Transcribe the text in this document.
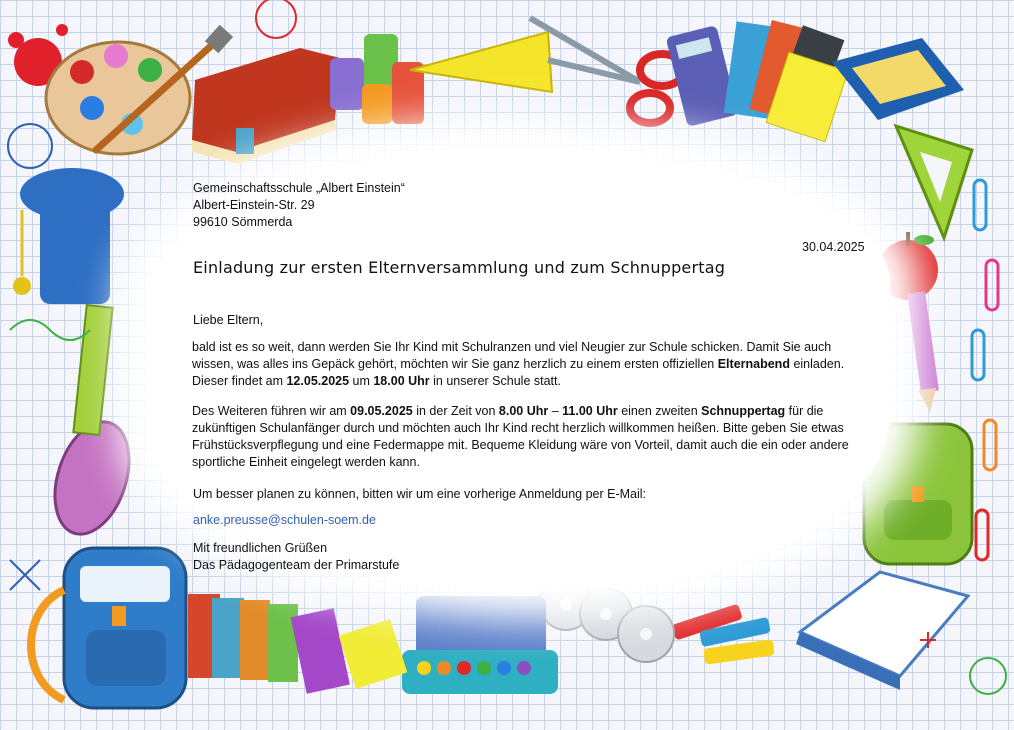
Gemeinschaftsschule „Albert Einstein“
Albert-Einstein-Str. 29
99610 Sömmerda
30.04.2025
Einladung zur ersten Elternversammlung und zum Schnuppertag
Liebe Eltern,
bald ist es so weit, dann werden Sie Ihr Kind mit Schulranzen und viel Neugier zur Schule schicken. Damit Sie auch wissen, was alles ins Gepäck gehört, möchten wir Sie ganz herzlich zu einem ersten offiziellen Elternabend einladen. Dieser findet am 12.05.2025 um 18.00 Uhr in unserer Schule statt.
Des Weiteren führen wir am 09.05.2025 in der Zeit von 8.00 Uhr – 11.00 Uhr einen zweiten Schnuppertag für die zukünftigen Schulanfänger durch und möchten auch Ihr Kind recht herzlich willkommen heißen. Bitte geben Sie etwas Frühstücksverpflegung und eine Federmappe mit. Bequeme Kleidung wäre von Vorteil, damit auch die ein oder andere sportliche Einheit eingelegt werden kann.
Um besser planen zu können, bitten wir um eine vorherige Anmeldung per E-Mail:
anke.preusse@schulen-soem.de
Mit freundlichen Grüßen
Das Pädagogenteam der Primarstufe
